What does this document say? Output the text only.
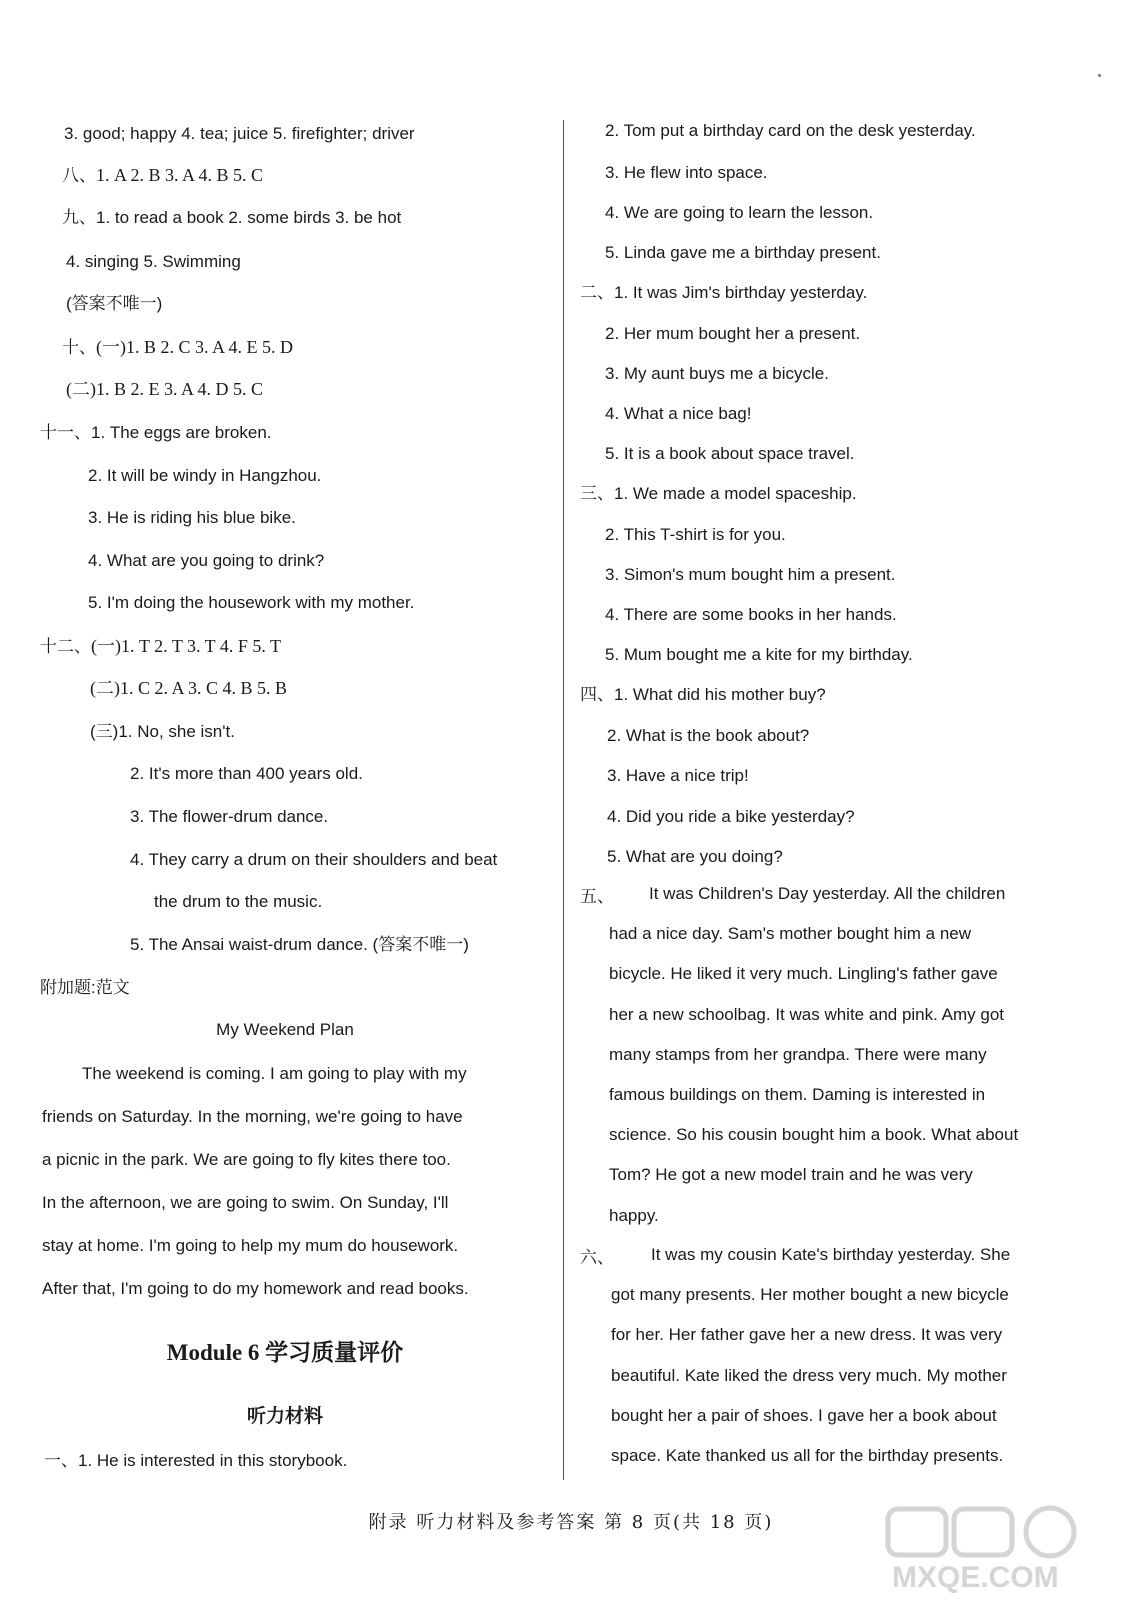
3. good; happy 4. tea; juice 5. firefighter; driver
八、1. A 2. B 3. A 4. B 5. C
九、1. to read a book 2. some birds 3. be hot
4. singing 5. Swimming
(答案不唯一)
十、(一)1. B 2. C 3. A 4. E 5. D
(二)1. B 2. E 3. A 4. D 5. C
十一、1. The eggs are broken.
2. It will be windy in Hangzhou.
3. He is riding his blue bike.
4. What are you going to drink?
5. I'm doing the housework with my mother.
十二、(一)1. T 2. T 3. T 4. F 5. T
(二)1. C 2. A 3. C 4. B 5. B
(三)1. No, she isn't.
2. It's more than 400 years old.
3. The flower-drum dance.
4. They carry a drum on their shoulders and beat
the drum to the music.
5. The Ansai waist-drum dance. (答案不唯一)
附加题:范文
My Weekend Plan
The weekend is coming. I am going to play with my
friends on Saturday. In the morning, we're going to have
a picnic in the park. We are going to fly kites there too.
In the afternoon, we are going to swim. On Sunday, I'll
stay at home. I'm going to help my mum do housework.
After that, I'm going to do my homework and read books.
Module 6 学习质量评价
听力材料
一、1. He is interested in this storybook.
2. Tom put a birthday card on the desk yesterday.
3. He flew into space.
4. We are going to learn the lesson.
5. Linda gave me a birthday present.
二、1. It was Jim's birthday yesterday.
2. Her mum bought her a present.
3. My aunt buys me a bicycle.
4. What a nice bag!
5. It is a book about space travel.
三、1. We made a model spaceship.
2. This T-shirt is for you.
3. Simon's mum bought him a present.
4. There are some books in her hands.
5. Mum bought me a kite for my birthday.
四、1. What did his mother buy?
2. What is the book about?
3. Have a nice trip!
4. Did you ride a bike yesterday?
5. What are you doing?
五、	It was Children's Day yesterday. All the children
had a nice day. Sam's mother bought him a new
bicycle. He liked it very much. Lingling's father gave
her a new schoolbag. It was white and pink. Amy got
many stamps from her grandpa. There were many
famous buildings on them. Daming is interested in
science. So his cousin bought him a book. What about
Tom? He got a new model train and he was very
happy.
六、	It was my cousin Kate's birthday yesterday. She
got many presents. Her mother bought a new bicycle
for her. Her father gave her a new dress. It was very
beautiful. Kate liked the dress very much. My mother
bought her a pair of shoes. I gave her a book about
space. Kate thanked us all for the birthday presents.
附录 听力材料及参考答案 第 8 页(共 18 页)
MXQE.COM
